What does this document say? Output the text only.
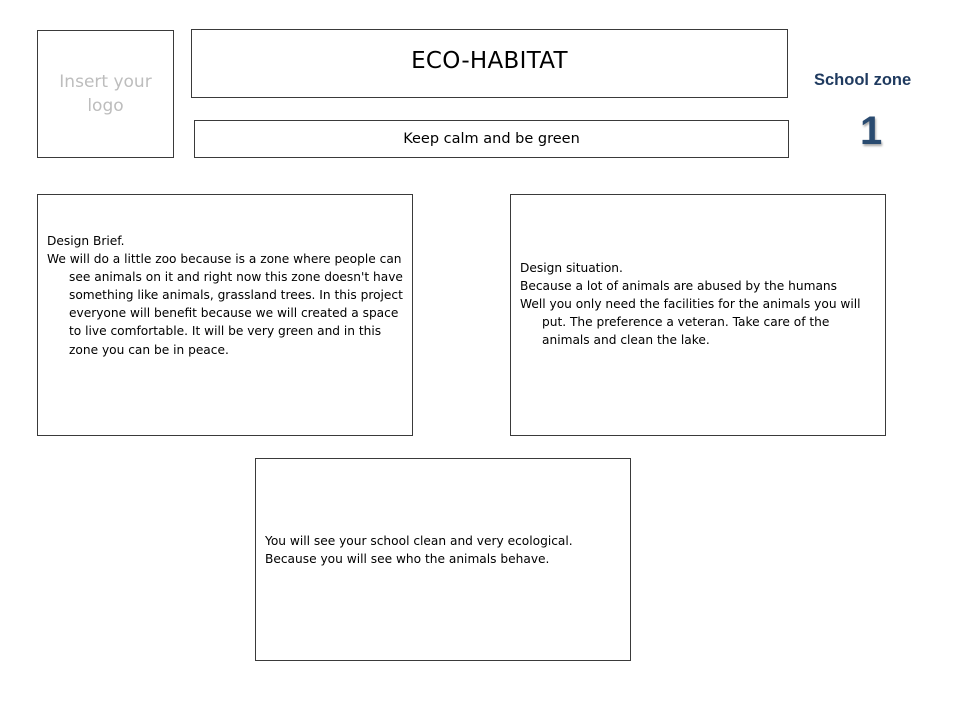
Insert your logo
ECO-HABITAT
Keep calm and be green
School zone
1

Design Brief.

We will do a little zoo because is a zone where people can see animals on it and right now this zone doesn't have something like animals, grassland trees. In this project everyone will benefit because we will created a space to live comfortable. It will be very green and in this zone you can be in peace.

Design situation.

Because a lot of animals are abused by the humans

Well you only need the facilities for the animals you will put. The preference a veteran. Take care of the animals and clean the lake.

You will see your school clean and very ecological.

Because you will see who the animals behave.
